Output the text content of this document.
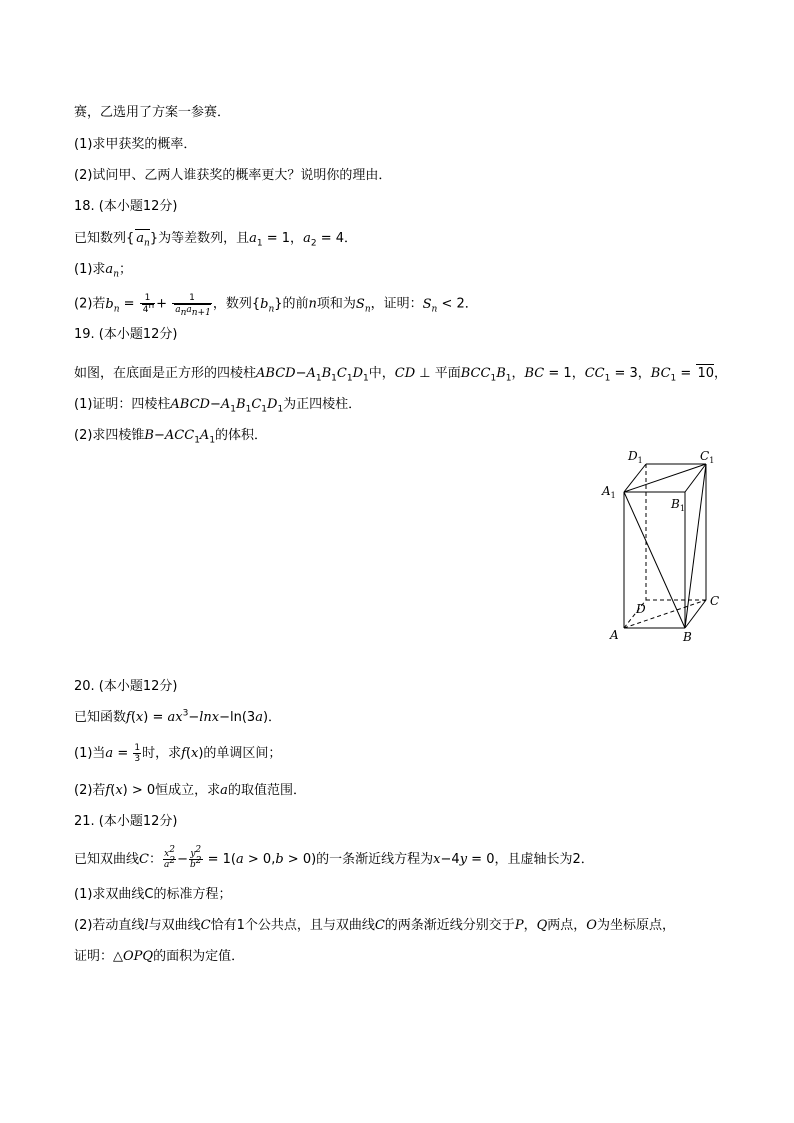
赛，乙选用了方案一参赛．
(1)求甲获奖的概率．
(2)试问甲、乙两人谁获奖的概率更大？说明你的理由．
18. (本小题12分)
已知数列{ $a_n$}为等差数列，且$a_1 = 1$，$a_2 = 4$．
(1)求$a_n$；
(2)若$b_n = \frac{1}{4^n} + \frac{1}{a_na_{n+1}}$ ，数列$\{b_n\}$的前n项和为$S_n$，证明：$S_n < 2$．
19. (本小题12分)
如图，在底面是正方形的四棱柱$ABCD-A_1B_1C_1D_1$中，CD ⊥ 平面$BCC_1B_1$，BC = 1，$CC_1 = 3$，$BC_1 = 10$，
(1)证明：四棱柱$ABCD-A_1B_1C_1D_1$为正四棱柱．
(2)求四棱锥$B-ACC_1A_1$的体积．
$D_1$	$C_1$
$A_1$
$B_1$
C
A	B
D
20. (本小题12分)
已知函数$f(x) = ax^3-\ln x-\ln(3a)$．
(1)当$a = \frac{1}{3}$ 时，求f(x)的单调区间；
(2)若f(x) > 0恒成立，求a的取值范围．
21. (本小题12分)
已知双曲线C： $\frac{x^2}{a^2} - \frac{y^2}{b^2} = 1(a > 0,b > 0)$的一条渐近线方程为x−4y = 0，且虚轴长为2．
(1)求双曲线C的标准方程；
(2)若动直线l与双曲线C恰有1个公共点，且与双曲线C的两条渐近线分别交于P，Q两点，O为坐标原点，
证明：△OPQ的面积为定值．
